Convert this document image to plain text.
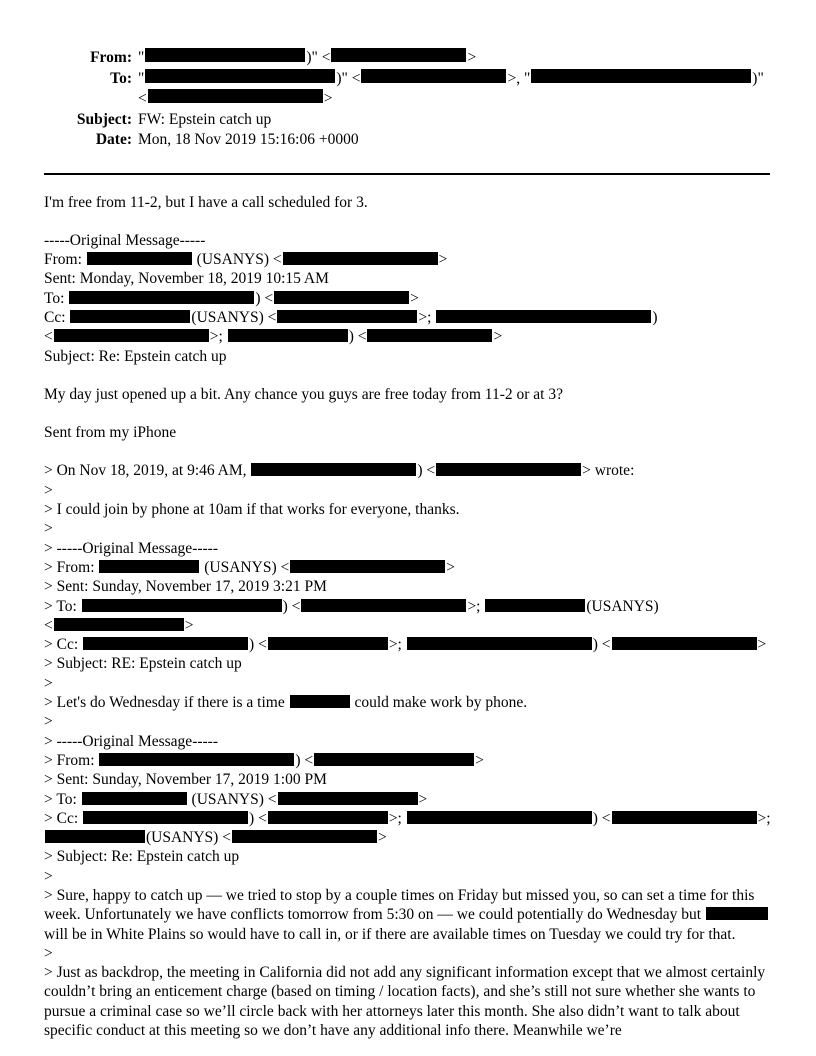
From: "	)"
<	>
To: "	)"
<	>, "	)"
<	>
Subject: FW: Epstein catch up
Date: Mon, 18 Nov 2019 15:16:06 +0000
I'm free from 11-2, but I have a call scheduled for 3.
-----Original Message-----
From:	(USANYS) <	>
Sent: Monday, November 18, 2019 10:15 AM
To:	) <	>
Cc:	(USANYS) <	>;	)
<	>;	) <	>
Subject: Re: Epstein catch up
My day just opened up a bit. Any chance you guys are free today from 11-2 or at 3?
Sent from my iPhone
> On Nov 18, 2019, at 9:46 AM,	) <	> wrote:
>
> I could join by phone at 10am if that works for everyone, thanks.
>
> -----Original Message-----
> From:	(USANYS) <	>
> Sent: Sunday, November 17, 2019 3:21 PM
> To:	) <	>;	(USANYS)
<	>
> Cc:	) <	>;	) <	>
> Subject: RE: Epstein catch up
>
> Let's do Wednesday if there is a time	could make work by phone.
>
> -----Original Message-----
> From:	) <	>
> Sent: Sunday, November 17, 2019 1:00 PM
> To:	(USANYS) <	>
> Cc:	) <	>;	) <	>;
(USANYS) <	>
> Subject: Re: Epstein catch up
>
> Sure, happy to catch up — we tried to stop by a couple times on Friday but missed you, so can set a time for this week. Unfortunately we have conflicts tomorrow from 5:30 on — we could potentially do Wednesday but  will be in White Plains so would have to call in, or if there are available times on Tuesday we could try for that.
>
> Just as backdrop, the meeting in California did not add any significant information except that we almost certainly couldn’t bring an enticement charge (based on timing / location facts), and she’s still not sure whether she wants to pursue a criminal case so we’ll circle back with her attorneys later this month. She also didn’t want to talk about specific conduct at this meeting so we don’t have any additional info there. Meanwhile we’re
